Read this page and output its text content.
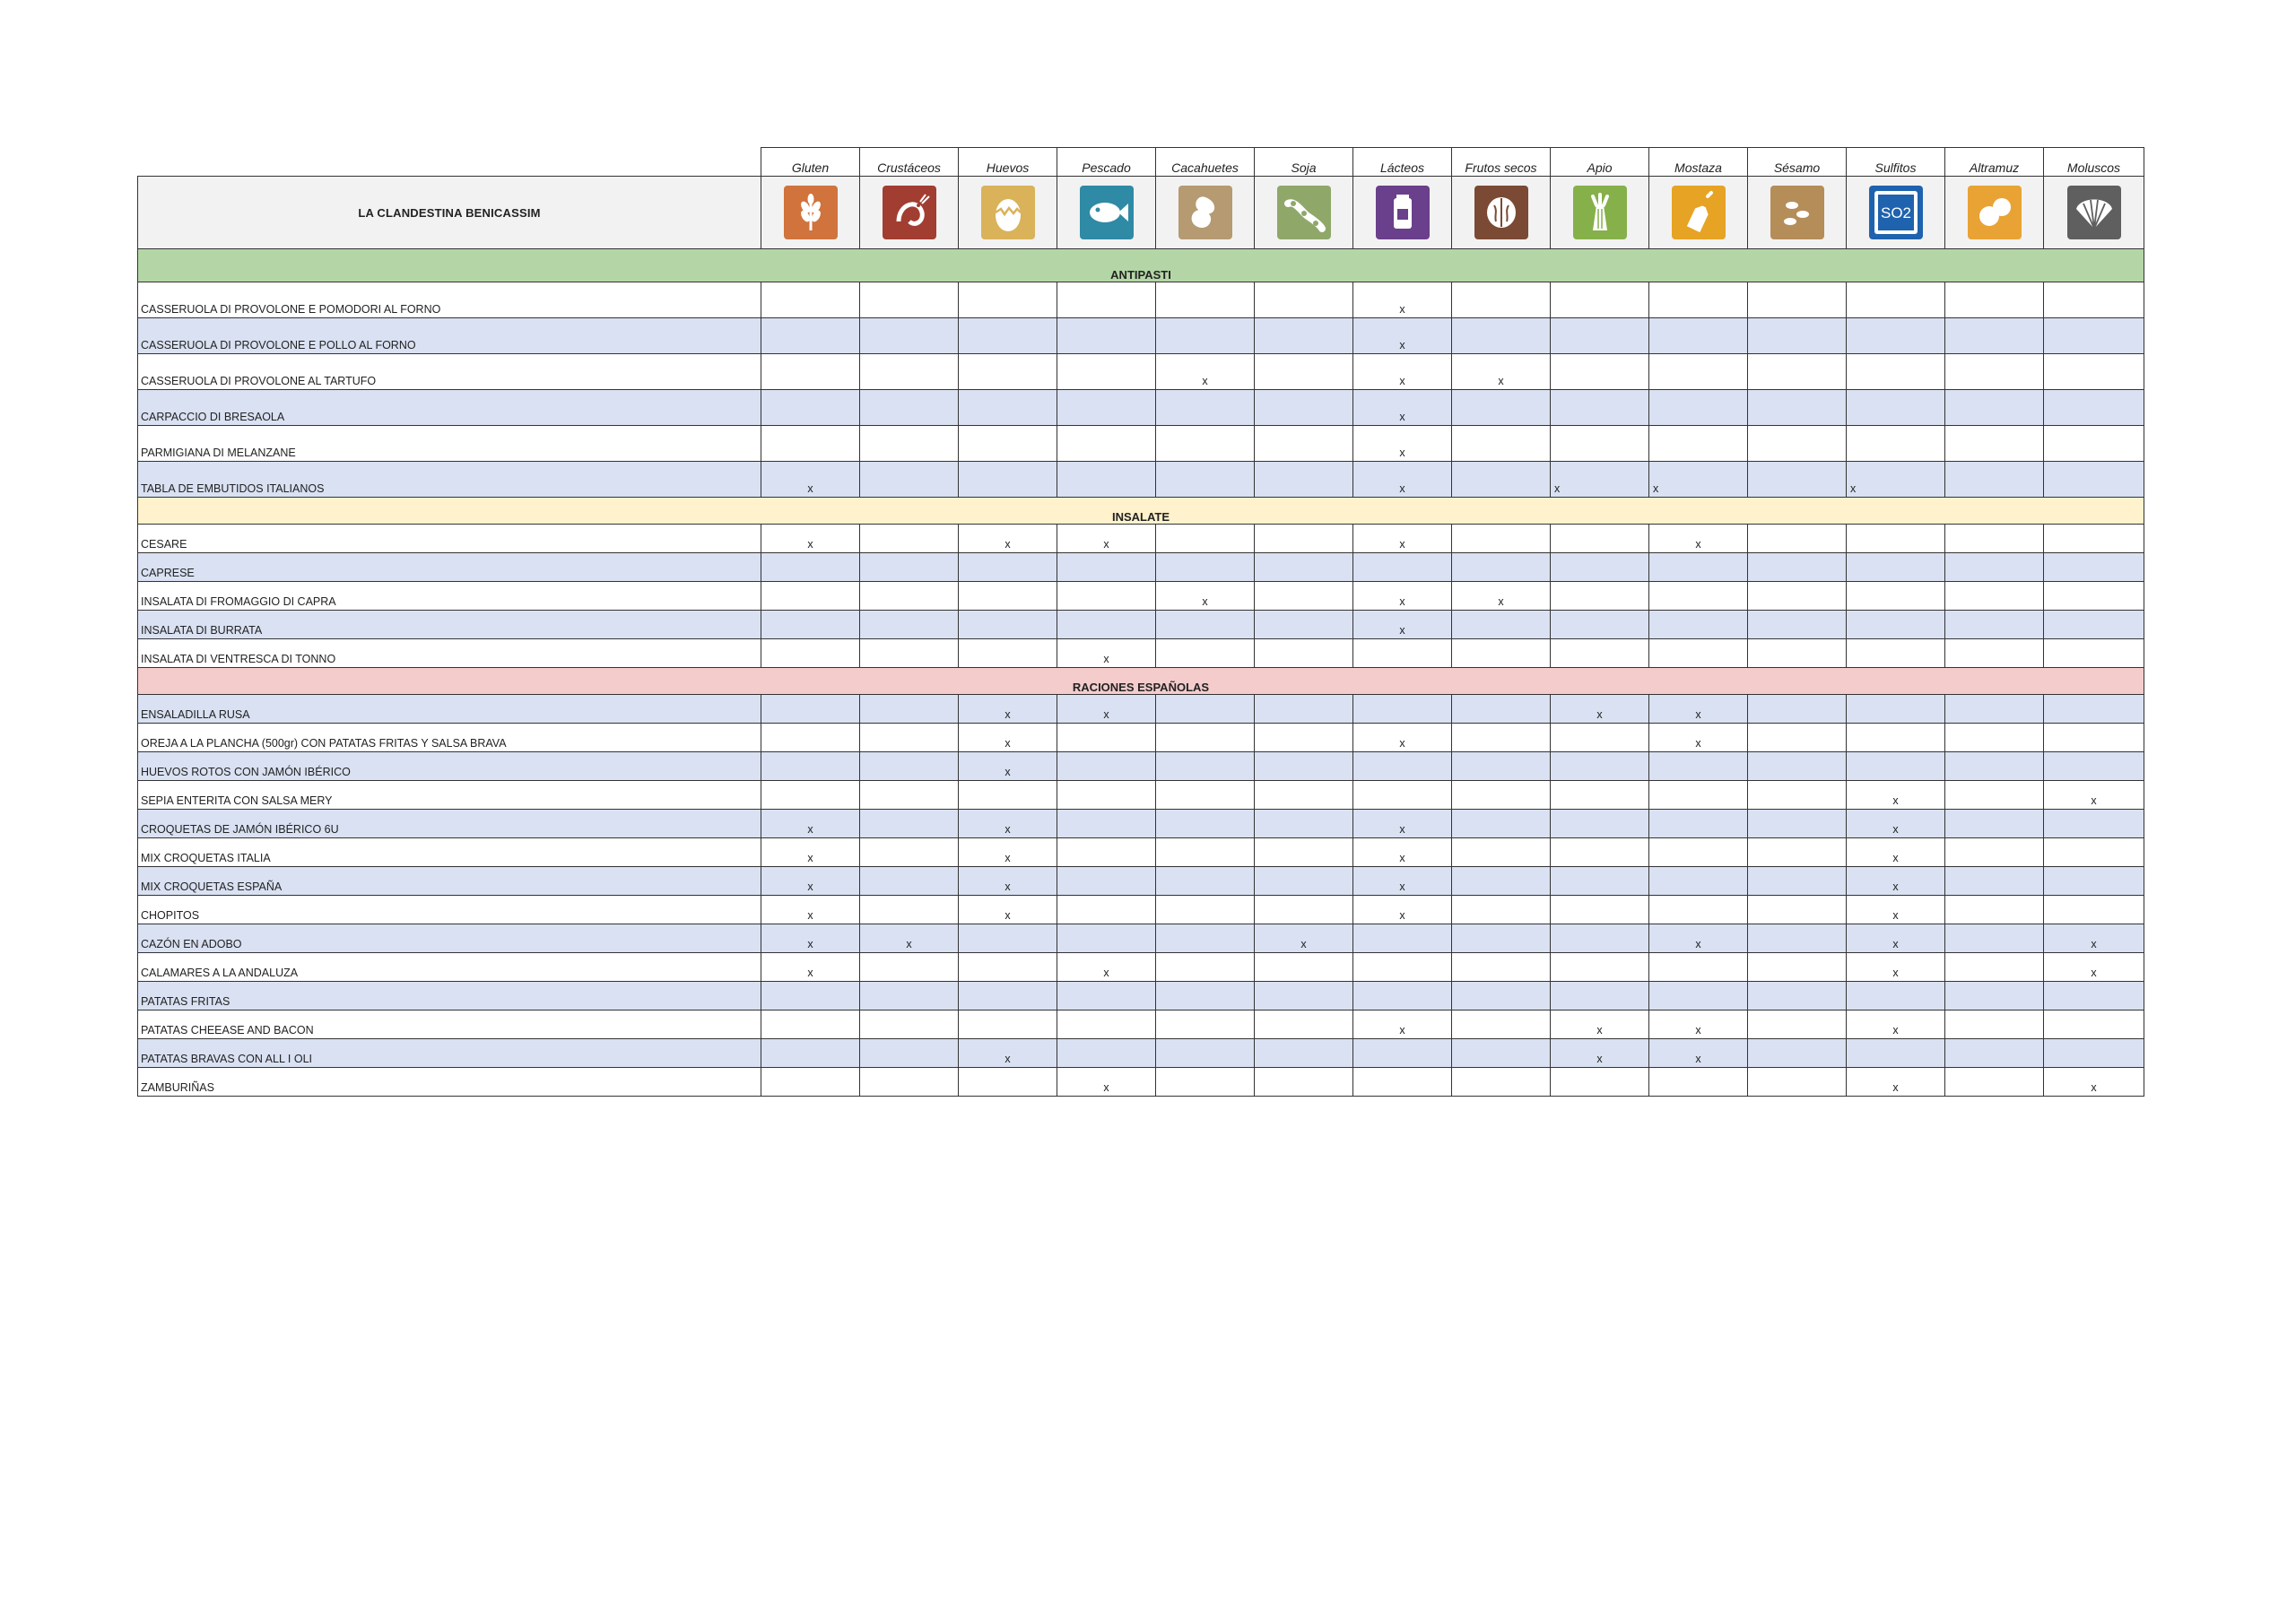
	Gluten	Crustáceos	Huevos	Pescado	Cacahuetes	Soja	Lácteos	Frutos secos	Apio	Mostaza	Sésamo	Sulfitos	Altramuz	Moluscos
LA CLANDESTINA BENICASSIM												SO2

ANTIPASTI														
CASSERUOLA DI PROVOLONE E POMODORI AL FORNO							x							
CASSERUOLA DI PROVOLONE E POLLO AL FORNO							x							
CASSERUOLA DI PROVOLONE AL TARTUFO					x		x	x						
CARPACCIO DI BRESAOLA							x							
PARMIGIANA DI MELANZANE							x							
TABLA DE EMBUTIDOS ITALIANOS	x						x		x	x		x		
INSALATE														
CESARE	x		x	x			x			x				
CAPRESE														
INSALATA DI FROMAGGIO DI CAPRA					x		x	x						
INSALATA DI BURRATA							x							
INSALATA DI VENTRESCA DI TONNO				x										
RACIONES ESPAÑOLAS														
ENSALADILLA RUSA			x	x					x	x				
OREJA A LA PLANCHA (500gr) CON PATATAS FRITAS Y SALSA BRAVA			x				x			x				
HUEVOS ROTOS CON JAMÓN IBÉRICO			x											
SEPIA ENTERITA CON SALSA MERY												x		x
CROQUETAS DE JAMÓN IBÉRICO 6U	x		x				x					x		
MIX CROQUETAS ITALIA	x		x				x					x		
MIX CROQUETAS ESPAÑA	x		x				x					x		
CHOPITOS	x		x				x					x		
CAZÓN EN ADOBO	x	x				x				x		x		x
CALAMARES A LA ANDALUZA	x			x								x		x
PATATAS FRITAS														
PATATAS CHEEASE AND BACON							x		x	x		x		
PATATAS BRAVAS CON ALL I OLI			x						x	x				
ZAMBURIÑAS				x								x		x
